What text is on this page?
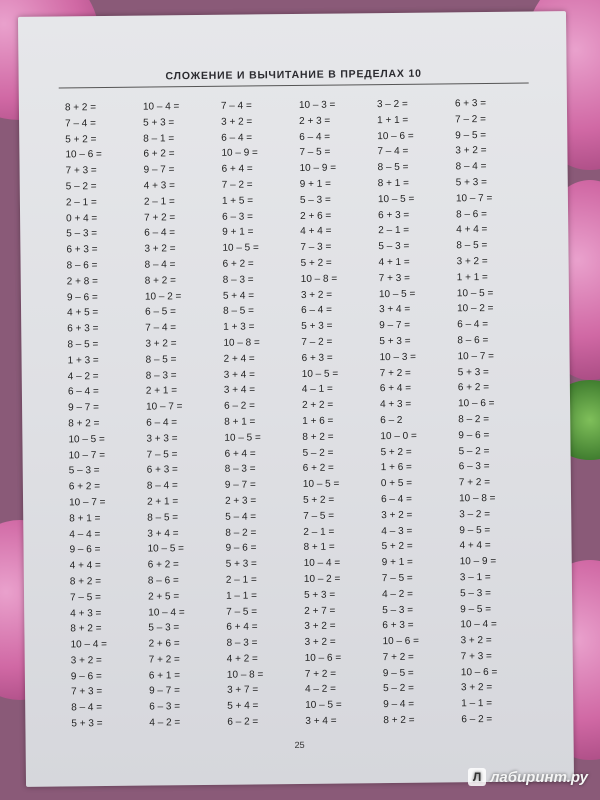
СЛОЖЕНИЕ И ВЫЧИТАНИЕ В ПРЕДЕЛАХ 10
8 + 2 =
7 – 4 =
5 + 2 =
10 – 6 =
7 + 3 =
5 – 2 =
2 – 1 =
0 + 4 =
5 – 3 =
6 + 3 =
8 – 6 =
2 + 8 =
9 – 6 =
4 + 5 =
6 + 3 =
8 – 5 =
1 + 3 =
4 – 2 =
6 – 4 =
9 – 7 =
8 + 2 =
10 – 5 =
10 – 7 =
5 – 3 =
6 + 2 =
10 – 7 =
8 + 1 =
4 – 4 =
9 – 6 =
4 + 4 =
8 + 2 =
7 – 5 =
4 + 3 =
8 + 2 =
10 – 4 =
3 + 2 =
9 – 6 =
7 + 3 =
8 – 4 =
5 + 3 =
10 – 4 =
5 + 3 =
8 – 1 =
6 + 2 =
9 – 7 =
4 + 3 =
2 – 1 =
7 + 2 =
6 – 4 =
3 + 2 =
8 – 4 =
8 + 2 =
10 – 2 =
6 – 5 =
7 – 4 =
3 + 2 =
8 – 5 =
8 – 3 =
2 + 1 =
10 – 7 =
6 – 4 =
3 + 3 =
7 – 5 =
6 + 3 =
8 – 4 =
2 + 1 =
8 – 5 =
3 + 4 =
10 – 5 =
6 + 2 =
8 – 6 =
2 + 5 =
10 – 4 =
5 – 3 =
2 + 6 =
7 + 2 =
6 + 1 =
9 – 7 =
6 – 3 =
4 – 2 =
7 – 4 =
3 + 2 =
6 – 4 =
10 – 9 =
6 + 4 =
7 – 2 =
1 + 5 =
6 – 3 =
9 + 1 =
10 – 5 =
6 + 2 =
8 – 3 =
5 + 4 =
8 – 5 =
1 + 3 =
10 – 8 =
2 + 4 =
3 + 4 =
3 + 4 =
6 – 2 =
8 + 1 =
10 – 5 =
6 + 4 =
8 – 3 =
9 – 7 =
2 + 3 =
5 – 4 =
8 – 2 =
9 – 6 =
5 + 3 =
2 – 1 =
1 – 1 =
7 – 5 =
6 + 4 =
8 – 3 =
4 + 2 =
10 – 8 =
3 + 7 =
5 + 4 =
6 – 2 =
10 – 3 =
2 + 3 =
6 – 4 =
7 – 5 =
10 – 9 =
9 + 1 =
5 – 3 =
2 + 6 =
4 + 4 =
7 – 3 =
5 + 2 =
10 – 8 =
3 + 2 =
6 – 4 =
5 + 3 =
7 – 2 =
6 + 3 =
10 – 5 =
4 – 1 =
2 + 2 =
1 + 6 =
8 + 2 =
5 – 2 =
6 + 2 =
10 – 5 =
5 + 2 =
7 – 5 =
2 – 1 =
8 + 1 =
10 – 4 =
10 – 2 =
5 + 3 =
2 + 7 =
3 + 2 =
3 + 2 =
10 – 6 =
7 + 2 =
4 – 2 =
10 – 5 =
3 + 4 =
3 – 2 =
1 + 1 =
10 – 6 =
7 – 4 =
8 – 5 =
8 + 1 =
10 – 5 =
6 + 3 =
2 – 1 =
5 – 3 =
4 + 1 =
7 + 3 =
10 – 5 =
3 + 4 =
9 – 7 =
5 + 3 =
10 – 3 =
7 + 2 =
6 + 4 =
4 + 3 =
6 – 2
10 – 0 =
5 + 2 =
1 + 6 =
0 + 5 =
6 – 4 =
3 + 2 =
4 – 3 =
5 + 2 =
9 + 1 =
7 – 5 =
4 – 2 =
5 – 3 =
6 + 3 =
10 – 6 =
7 + 2 =
9 – 5 =
5 – 2 =
9 – 4 =
8 + 2 =
6 + 3 =
7 – 2 =
9 – 5 =
3 + 2 =
8 – 4 =
5 + 3 =
10 – 7 =
8 – 6 =
4 + 4 =
8 – 5 =
3 + 2 =
1 + 1 =
10 – 5 =
10 – 2 =
6 – 4 =
8 – 6 =
10 – 7 =
5 + 3 =
6 + 2 =
10 – 6 =
8 – 2 =
9 – 6 =
5 – 2 =
6 – 3 =
7 + 2 =
10 – 8 =
3 – 2 =
9 – 5 =
4 + 4 =
10 – 9 =
3 – 1 =
5 – 3 =
9 – 5 =
10 – 4 =
3 + 2 =
7 + 3 =
10 – 6 =
3 + 2 =
1 – 1 =
6 – 2 =
25
Л лабиринт.ру
